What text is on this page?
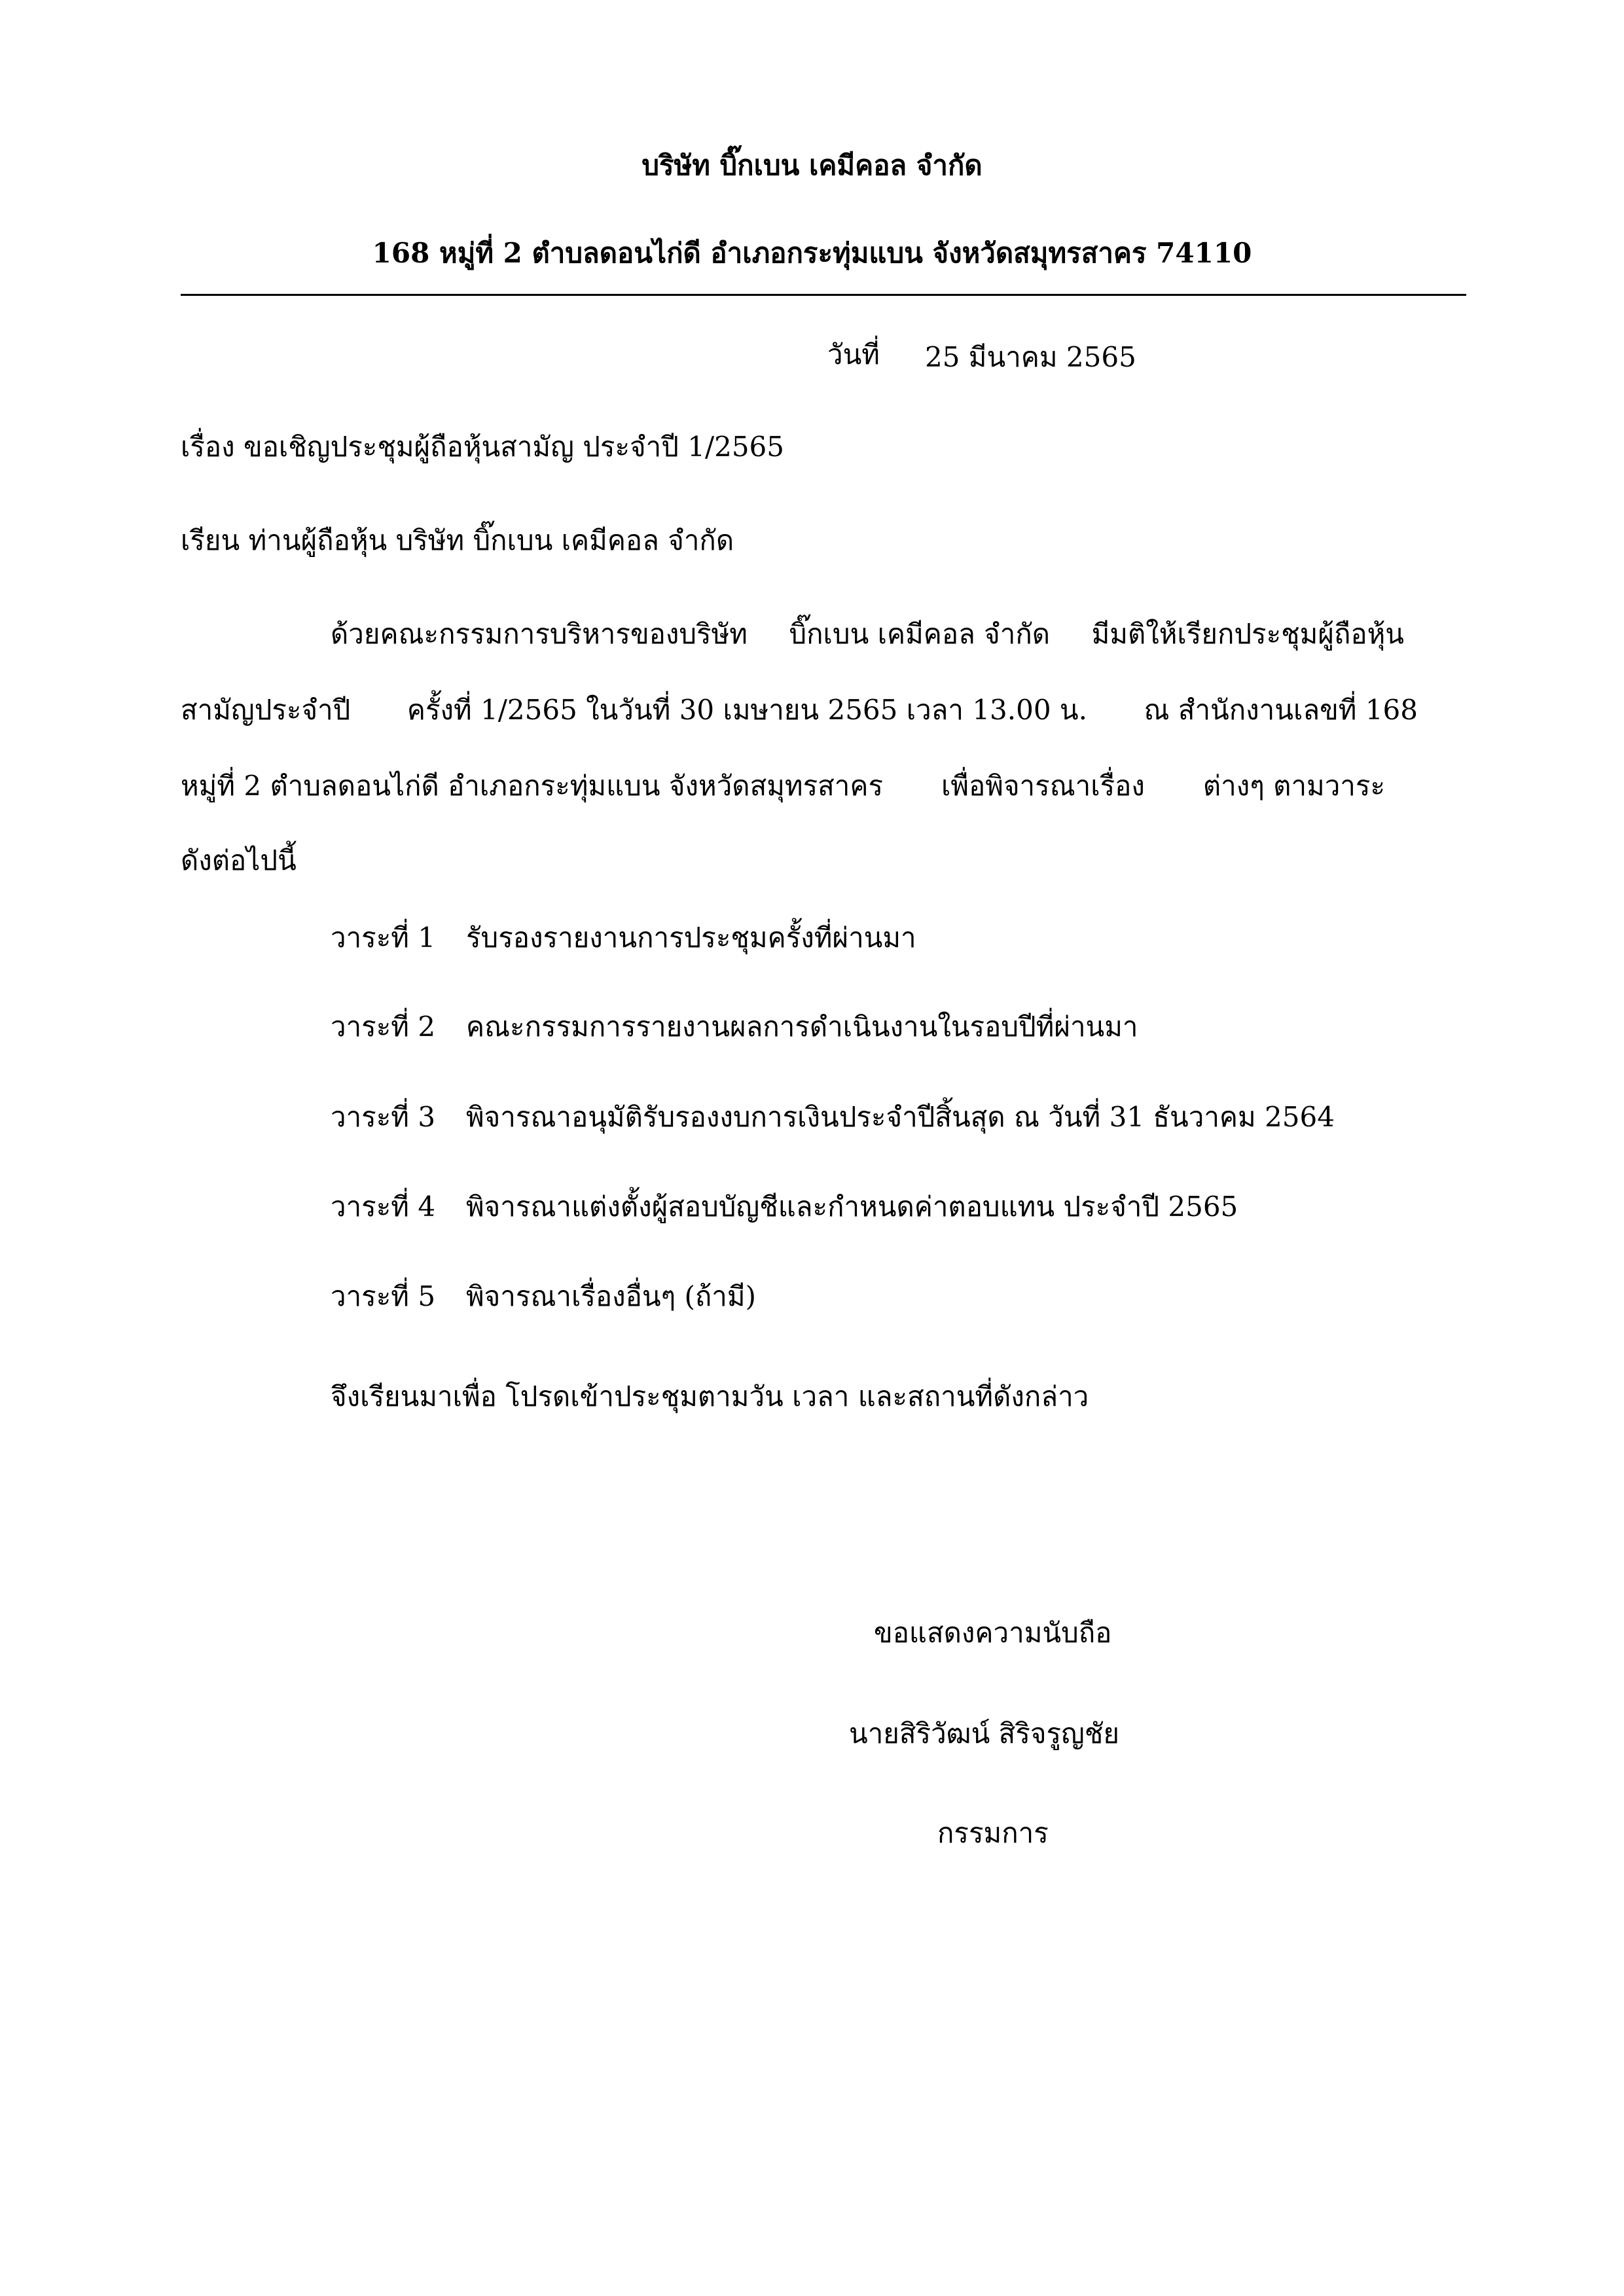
บริษัท บิ๊กเบน เคมีคอล จำกัด
168 หมู่ที่ 2 ตำบลดอนไก่ดี อำเภอกระทุ่มแบน จังหวัดสมุทรสาคร 74110
วันที่ 25 มีนาคม 2565
เรื่อง ขอเชิญประชุมผู้ถือหุ้นสามัญ ประจำปี 1/2565
เรียน ท่านผู้ถือหุ้น บริษัท บิ๊กเบน เคมีคอล จำกัด
ด้วยคณะกรรมการบริหารของบริษัท บิ๊กเบน เคมีคอล จำกัด มีมติให้เรียกประชุมผู้ถือหุ้น
สามัญประจำปี ครั้งที่ 1/2565 ในวันที่ 30 เมษายน 2565 เวลา 13.00 น. ณ สำนักงานเลขที่ 168
หมู่ที่ 2 ตำบลดอนไก่ดี อำเภอกระทุ่มแบน จังหวัดสมุทรสาคร เพื่อพิจารณาเรื่อง ต่างๆ ตามวาระ
ดังต่อไปนี้
วาระที่ 1 รับรองรายงานการประชุมครั้งที่ผ่านมา
วาระที่ 2 คณะกรรมการรายงานผลการดำเนินงานในรอบปีที่ผ่านมา
วาระที่ 3 พิจารณาอนุมัติรับรองงบการเงินประจำปีสิ้นสุด ณ วันที่ 31 ธันวาคม 2564
วาระที่ 4 พิจารณาแต่งตั้งผู้สอบบัญชีและกำหนดค่าตอบแทน ประจำปี 2565
วาระที่ 5 พิจารณาเรื่องอื่นๆ (ถ้ามี)
จึงเรียนมาเพื่อ โปรดเข้าประชุมตามวัน เวลา และสถานที่ดังกล่าว
ขอแสดงความนับถือ
นายสิริวัฒน์ สิริจรูญชัย
กรรมการ
